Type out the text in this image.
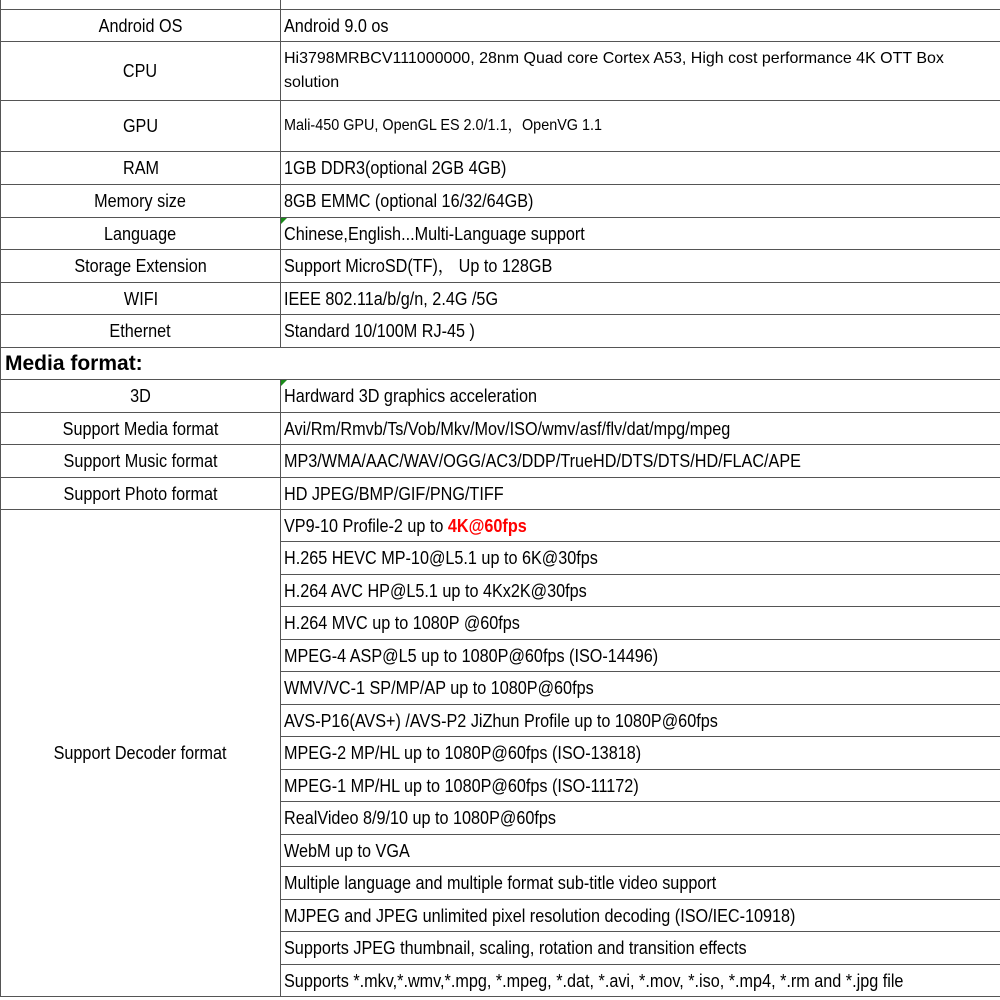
Android OS	Android 9.0 os
CPU	Hi3798MRBCV111000000, 28nm Quad core Cortex A53, High cost performance 4K OTT Box solution
GPU	Mali-450 GPU, OpenGL ES 2.0/1.1，OpenVG 1.1
RAM	1GB DDR3(optional 2GB 4GB)
Memory size	8GB EMMC (optional 16/32/64GB)
Language	Chinese,English...Multi-Language support
Storage Extension	Support MicroSD(TF)， Up to 128GB
WIFI	IEEE 802.11a/b/g/n, 2.4G /5G
Ethernet	Standard 10/100M RJ-45 )
Media format:	
3D	Hardward 3D graphics acceleration
Support Media format	Avi/Rm/Rmvb/Ts/Vob/Mkv/Mov/ISO/wmv/asf/flv/dat/mpg/mpeg
Support Music format	MP3/WMA/AAC/WAV/OGG/AC3/DDP/TrueHD/DTS/DTS/HD/FLAC/APE
Support Photo format	HD JPEG/BMP/GIF/PNG/TIFF
Support Decoder format	VP9-10 Profile-2 up to 4K@60fps
	H.265 HEVC MP-10@L5.1 up to 6K@30fps
	H.264 AVC HP@L5.1 up to 4Kx2K@30fps
	H.264 MVC up to 1080P @60fps
	MPEG-4 ASP@L5 up to 1080P@60fps (ISO-14496)
	WMV/VC-1 SP/MP/AP up to 1080P@60fps
	AVS-P16(AVS+) /AVS-P2 JiZhun Profile up to 1080P@60fps
	MPEG-2 MP/HL up to 1080P@60fps (ISO-13818)
	MPEG-1 MP/HL up to 1080P@60fps (ISO-11172)
	RealVideo 8/9/10 up to 1080P@60fps
	WebM up to VGA
	Multiple language and multiple format sub-title video support
	MJPEG and JPEG unlimited pixel resolution decoding (ISO/IEC-10918)
	Supports JPEG thumbnail, scaling, rotation and transition effects
	Supports *.mkv,*.wmv,*.mpg, *.mpeg, *.dat, *.avi, *.mov, *.iso, *.mp4, *.rm and *.jpg file
